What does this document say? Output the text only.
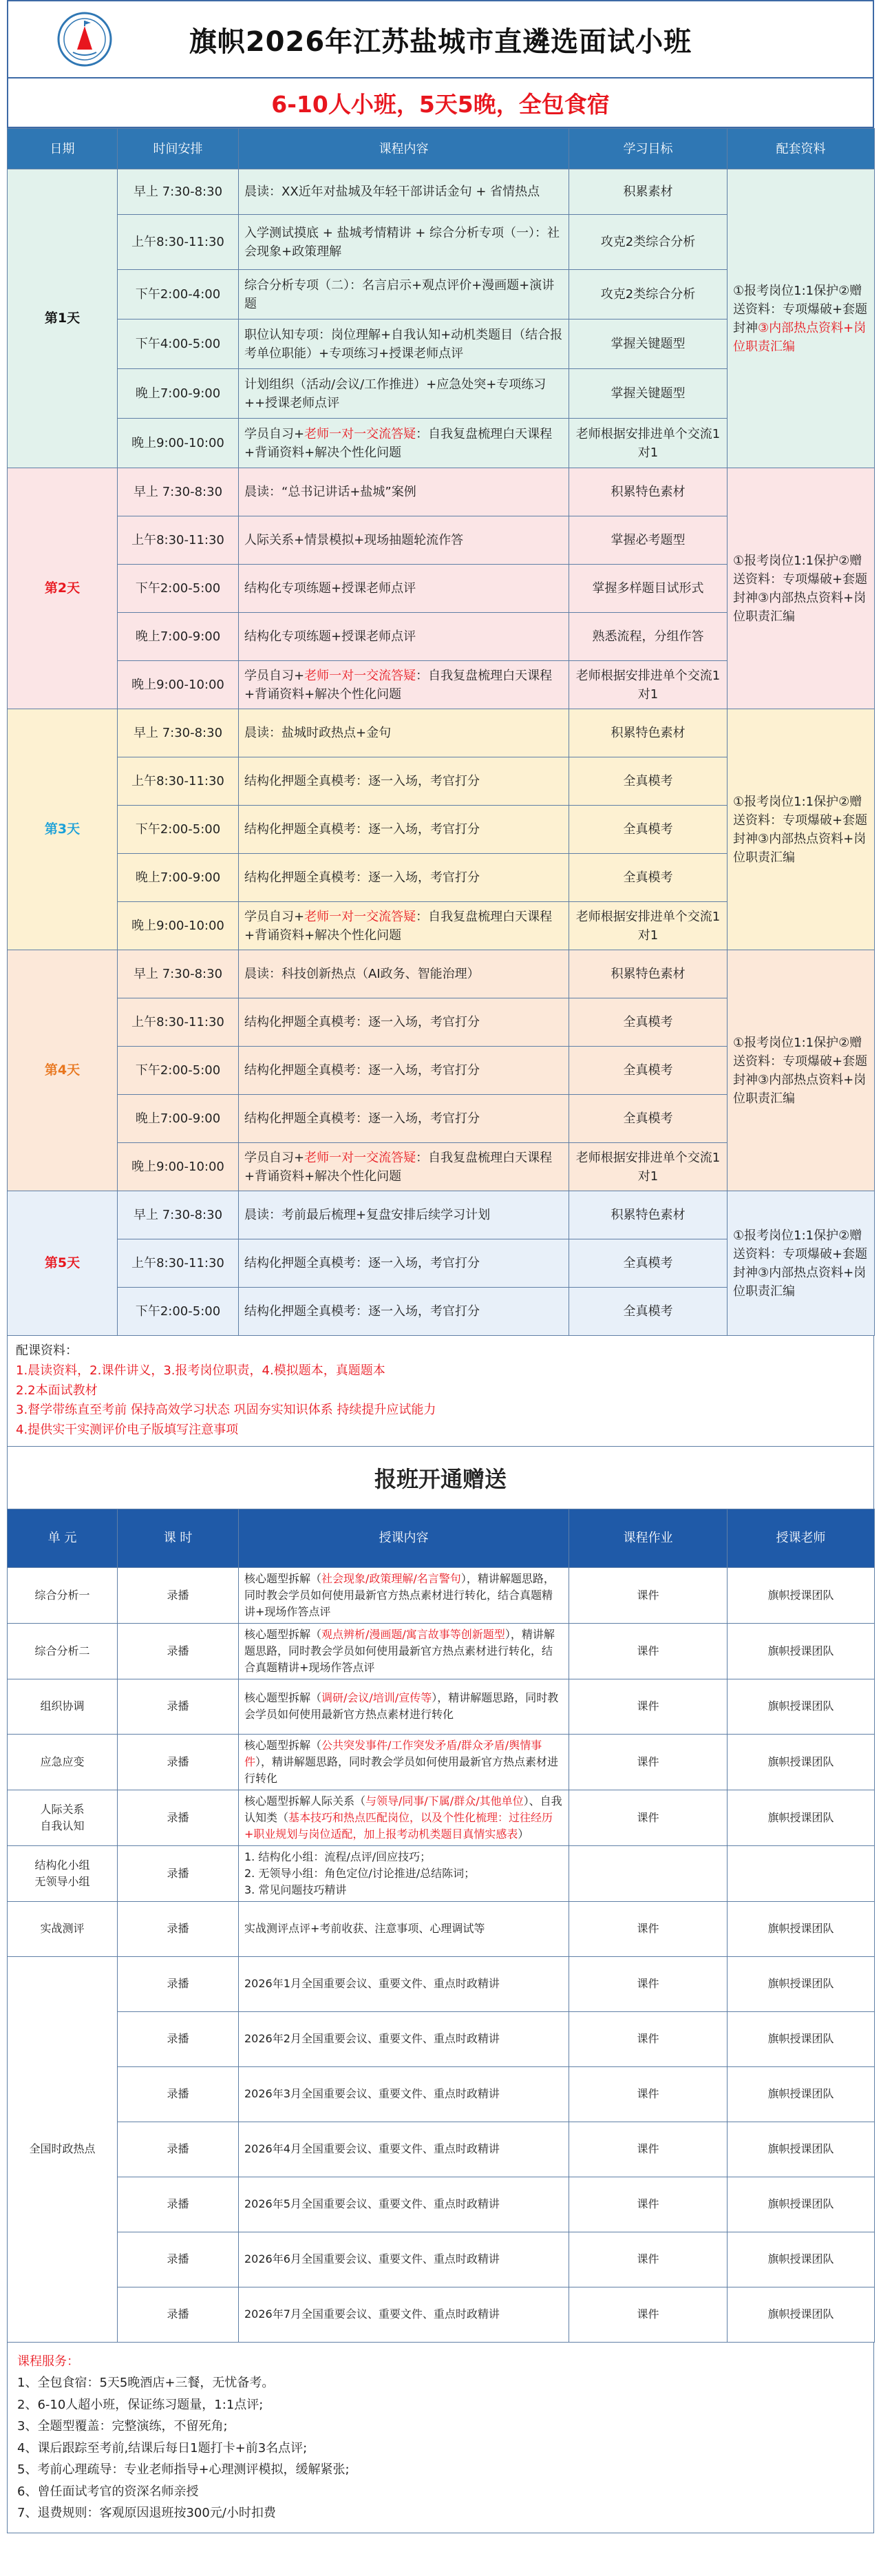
旗帜2026年江苏盐城市直遴选面试小班
6-10人小班，5天5晚，全包食宿
日期	时间安排	课程内容	学习目标	配套资料
第1天	早上 7:30-8:30	晨读：XX近年对盐城及年轻干部讲话金句 + 省情热点	积累素材	①报考岗位1:1保护②赠送资料：专项爆破+套题封神③内部热点资料+岗位职责汇编
	上午8:30-11:30	入学测试摸底 + 盐城考情精讲 + 综合分析专项（一）：社会现象+政策理解	攻克2类综合分析	
	下午2:00-4:00	综合分析专项（二）：名言启示+观点评价+漫画题+演讲题	攻克2类综合分析	
	下午4:00-5:00	职位认知专项：岗位理解+自我认知+动机类题目（结合报考单位职能）+专项练习+授课老师点评	掌握关键题型	
	晚上7:00-9:00	计划组织（活动/会议/工作推进）+应急处突+专项练习++授课老师点评	掌握关键题型	
	晚上9:00-10:00	学员自习+老师一对一交流答疑：自我复盘梳理白天课程+背诵资料+解决个性化问题	老师根据安排进单个交流1对1	
第2天	早上 7:30-8:30	晨读：“总书记讲话+盐城”案例	积累特色素材	①报考岗位1:1保护②赠送资料：专项爆破+套题封神③内部热点资料+岗位职责汇编
	上午8:30-11:30	人际关系+情景模拟+现场抽题轮流作答	掌握必考题型	
	下午2:00-5:00	结构化专项练题+授课老师点评	掌握多样题目试形式	
	晚上7:00-9:00	结构化专项练题+授课老师点评	熟悉流程，分组作答	
	晚上9:00-10:00	学员自习+老师一对一交流答疑：自我复盘梳理白天课程+背诵资料+解决个性化问题	老师根据安排进单个交流1对1	
第3天	早上 7:30-8:30	晨读：盐城时政热点+金句	积累特色素材	①报考岗位1:1保护②赠送资料：专项爆破+套题封神③内部热点资料+岗位职责汇编
	上午8:30-11:30	结构化押题全真模考：逐一入场，考官打分	全真模考	
	下午2:00-5:00	结构化押题全真模考：逐一入场，考官打分	全真模考	
	晚上7:00-9:00	结构化押题全真模考：逐一入场，考官打分	全真模考	
	晚上9:00-10:00	学员自习+老师一对一交流答疑：自我复盘梳理白天课程+背诵资料+解决个性化问题	老师根据安排进单个交流1对1	
第4天	早上 7:30-8:30	晨读：科技创新热点（AI政务、智能治理）	积累特色素材	①报考岗位1:1保护②赠送资料：专项爆破+套题封神③内部热点资料+岗位职责汇编
	上午8:30-11:30	结构化押题全真模考：逐一入场，考官打分	全真模考	
	下午2:00-5:00	结构化押题全真模考：逐一入场，考官打分	全真模考	
	晚上7:00-9:00	结构化押题全真模考：逐一入场，考官打分	全真模考	
	晚上9:00-10:00	学员自习+老师一对一交流答疑：自我复盘梳理白天课程+背诵资料+解决个性化问题	老师根据安排进单个交流1对1	
第5天	早上 7:30-8:30	晨读：考前最后梳理+复盘安排后续学习计划	积累特色素材	①报考岗位1:1保护②赠送资料：专项爆破+套题封神③内部热点资料+岗位职责汇编
	上午8:30-11:30	结构化押题全真模考：逐一入场，考官打分	全真模考	
	下午2:00-5:00	结构化押题全真模考：逐一入场，考官打分	全真模考	
配课资料：
1.晨读资料，2.课件讲义，3.报考岗位职责，4.模拟题本，真题题本
2.2本面试教材
3.督学带练直至考前 保持高效学习状态 巩固夯实知识体系 持续提升应试能力
4.提供实干实测评价电子版填写注意事项
报班开通赠送
单 元	课 时	授课内容	课程作业	授课老师
综合分析一	录播	核心题型拆解（社会现象/政策理解/名言警句），精讲解题思路，同时教会学员如何使用最新官方热点素材进行转化，结合真题精讲+现场作答点评	课件	旗帜授课团队
综合分析二	录播	核心题型拆解（观点辨析/漫画题/寓言故事等创新题型），精讲解题思路，同时教会学员如何使用最新官方热点素材进行转化，结合真题精讲+现场作答点评	课件	旗帜授课团队
组织协调	录播	核心题型拆解（调研/会议/培训/宣传等），精讲解题思路，同时教会学员如何使用最新官方热点素材进行转化	课件	旗帜授课团队
应急应变	录播	核心题型拆解（公共突发事件/工作突发矛盾/群众矛盾/舆情事件），精讲解题思路，同时教会学员如何使用最新官方热点素材进行转化	课件	旗帜授课团队
人际关系
自我认知	录播	核心题型拆解人际关系（与领导/同事/下属/群众/其他单位）、自我认知类（基本技巧和热点匹配岗位，以及个性化梳理：过往经历+职业规划与岗位适配，加上报考动机类题目真情实感表）	课件	旗帜授课团队
结构化小组
无领导小组	录播	1. 结构化小组：流程/点评/回应技巧；
2. 无领导小组：角色定位/讨论推进/总结陈词；
3. 常见问题技巧精讲		
实战测评	录播	实战测评点评+考前收获、注意事项、心理调试等	课件	旗帜授课团队
全国时政热点	录播	2026年1月全国重要会议、重要文件、重点时政精讲	课件	旗帜授课团队
	录播	2026年2月全国重要会议、重要文件、重点时政精讲	课件	旗帜授课团队
	录播	2026年3月全国重要会议、重要文件、重点时政精讲	课件	旗帜授课团队
	录播	2026年4月全国重要会议、重要文件、重点时政精讲	课件	旗帜授课团队
	录播	2026年5月全国重要会议、重要文件、重点时政精讲	课件	旗帜授课团队
	录播	2026年6月全国重要会议、重要文件、重点时政精讲	课件	旗帜授课团队
	录播	2026年7月全国重要会议、重要文件、重点时政精讲	课件	旗帜授课团队
课程服务：
1、全包食宿：5天5晚酒店+三餐，无忧备考。
2、6-10人超小班，保证练习题量，1:1点评;
3、全题型覆盖：完整演练，不留死角;
4、课后跟踪至考前,结课后每日1题打卡+前3名点评;
5、考前心理疏导：专业老师指导+心理测评模拟，缓解紧张;
6、曾任面试考官的资深名师亲授
7、退费规则：客观原因退班按300元/小时扣费
